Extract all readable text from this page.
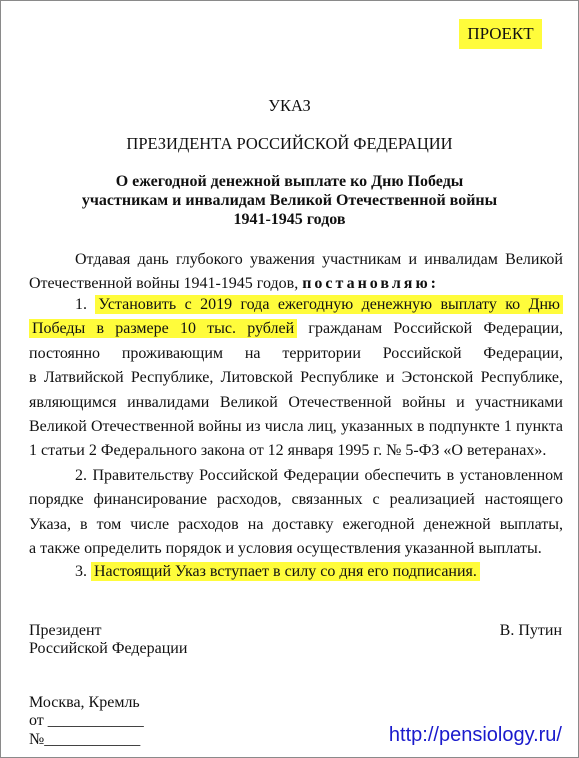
ПРОЕКТ
УКАЗ
ПРЕЗИДЕНТА РОССИЙСКОЙ ФЕДЕРАЦИИ
О ежегодной денежной выплате ко Дню Победы
участникам и инвалидам Великой Отечественной войны
1941-1945 годов
Отдавая дань глубокого уважения участникам и инвалидам Великой
Отечественной войны 1941-1945 годов, постановляю:
1. Установить с 2019 года ежегодную денежную выплату ко Дню
Победы в размере 10 тыс. рублей гражданам Российской Федерации,
постоянно проживающим на территории Российской Федерации,
в Латвийской Республике, Литовской Республике и Эстонской Республике,
являющимся инвалидами Великой Отечественной войны и участниками
Великой Отечественной войны из числа лиц, указанных в подпункте 1 пункта
1 статьи 2 Федерального закона от 12 января 1995 г. № 5-ФЗ «О ветеранах».
2. Правительству Российской Федерации обеспечить в установленном
порядке финансирование расходов, связанных с реализацией настоящего
Указа, в том числе расходов на доставку ежегодной денежной выплаты,
а также определить порядок и условия осуществления указанной выплаты.
3. Настоящий Указ вступает в силу со дня его подписания.
Президент
Российской Федерации
В. Путин
Москва, Кремль
от ____________
№____________	http://pensiology.ru/
